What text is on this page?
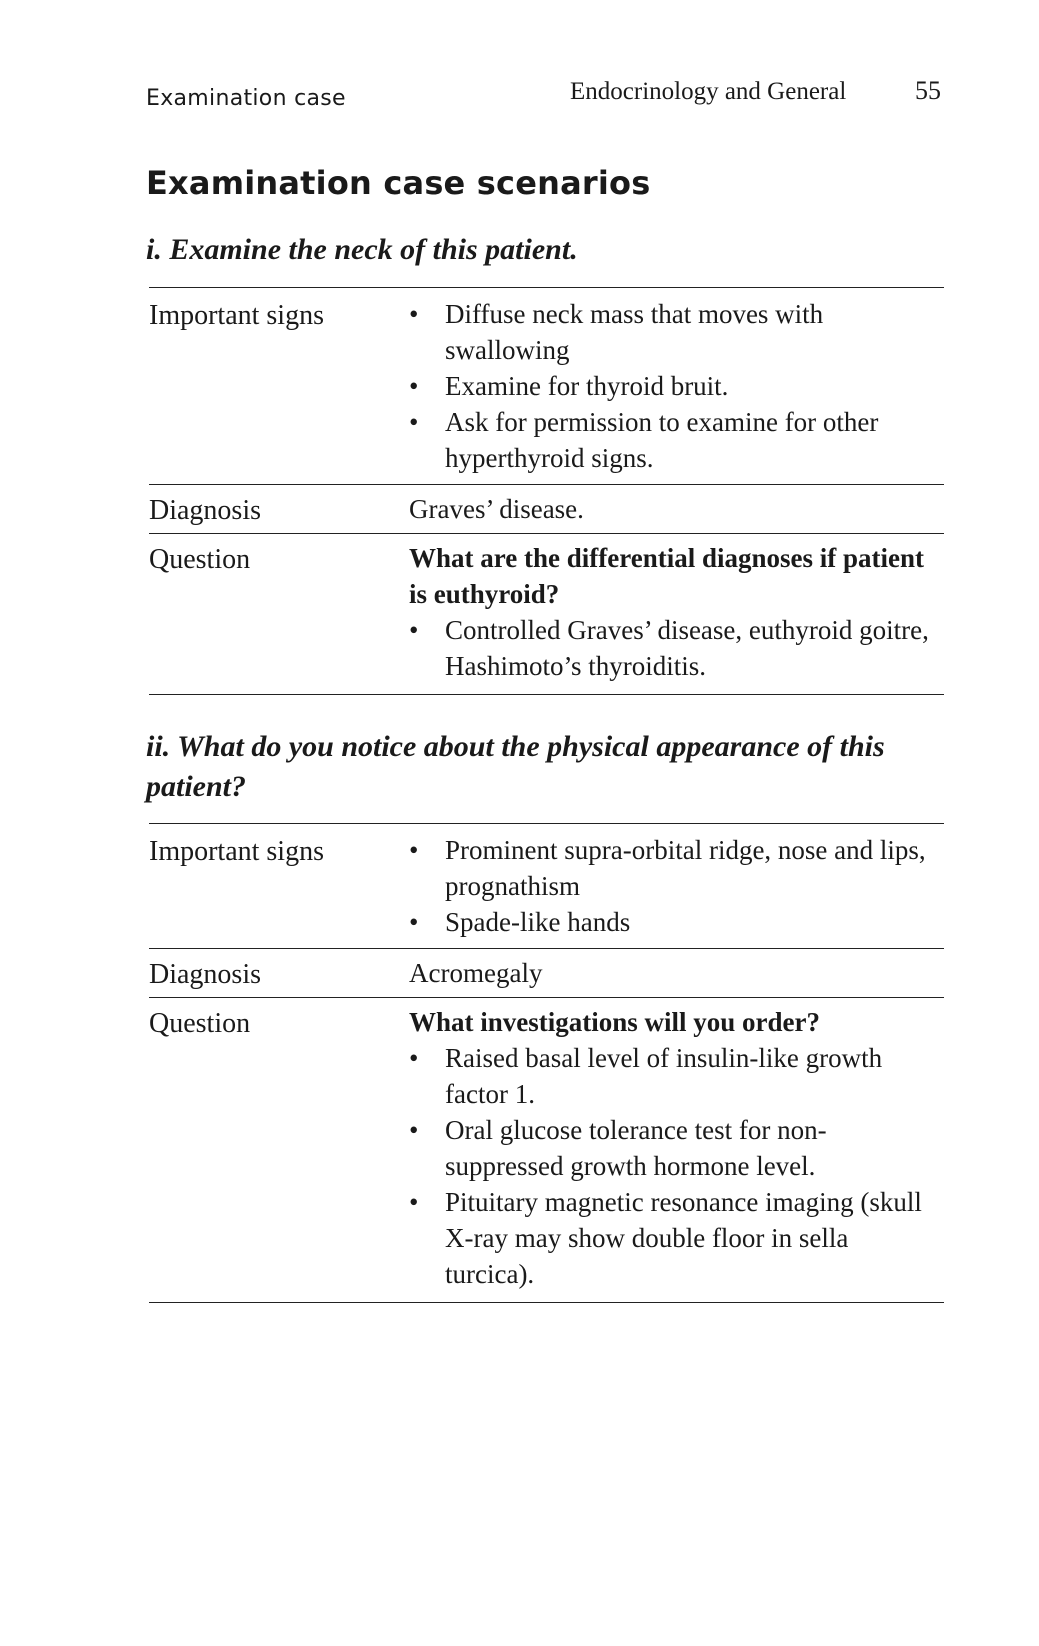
Examination case	Endocrinology and General	55
Examination case scenarios
i. Examine the neck of this patient.
Important signs	• Diffuse neck mass that moves with swallowing
• Examine for thyroid bruit.
• Ask for permission to examine for other hyperthyroid signs.
Diagnosis	Graves’ disease.
Question	What are the differential diagnoses if patient is euthyroid?
• Controlled Graves’ disease, euthyroid goitre, Hashimoto’s thyroiditis.
ii. What do you notice about the physical appearance of this patient?
Important signs	• Prominent supra-orbital ridge, nose and lips, prognathism
• Spade-like hands
Diagnosis	Acromegaly
Question	What investigations will you order?
• Raised basal level of insulin-like growth factor 1.
• Oral glucose tolerance test for non-suppressed growth hormone level.
• Pituitary magnetic resonance imaging (skull X-ray may show double floor in sella turcica).
